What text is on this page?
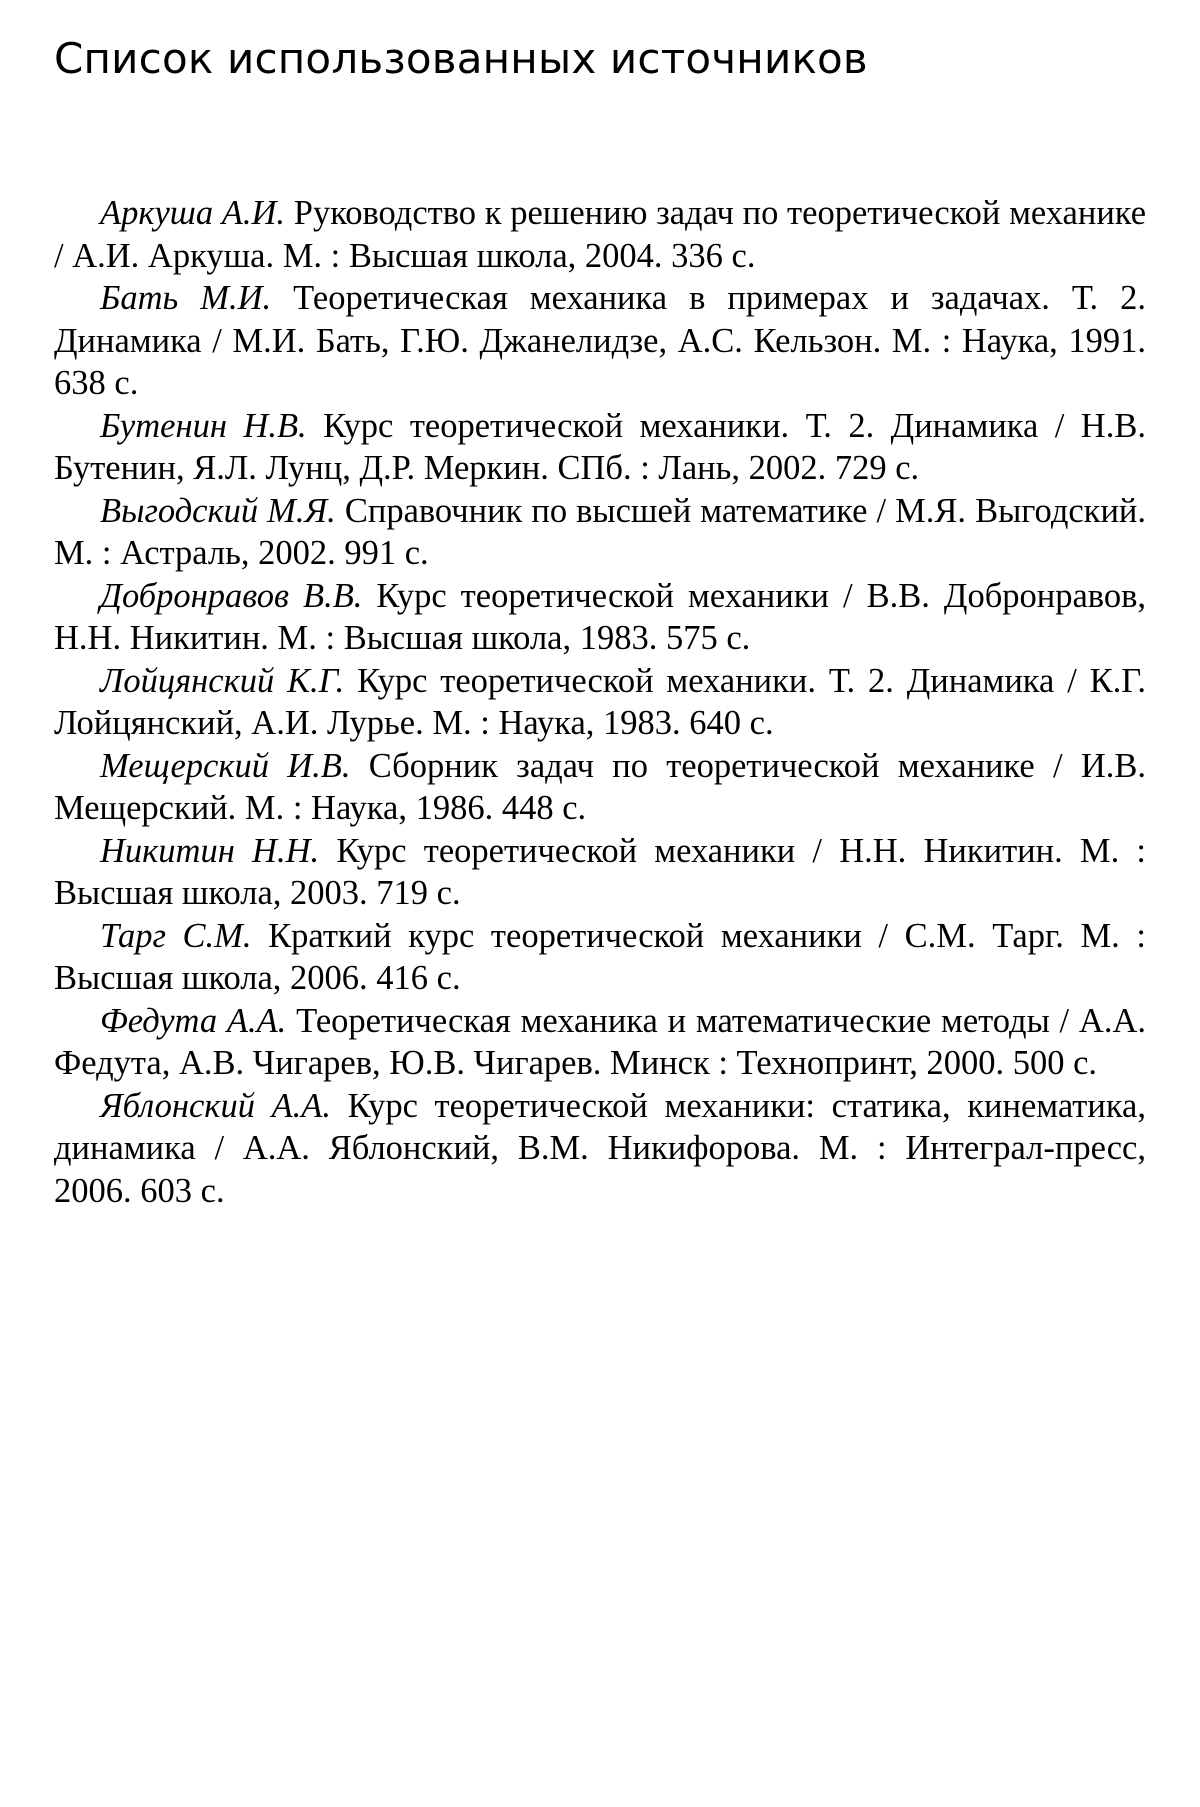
Список использованных источников
Аркуша А.И. Руководство к решению задач по теоретической механике / А.И. Аркуша. М. : Высшая школа, 2004. 336 с.
Бать М.И. Теоретическая механика в примерах и задачах. Т. 2. Динамика / М.И. Бать, Г.Ю. Джанелидзе, А.С. Кельзон. М. : Наука, 1991. 638 с.
Бутенин Н.В. Курс теоретической механики. Т. 2. Динамика / Н.В. Бутенин, Я.Л. Лунц, Д.Р. Меркин. СПб. : Лань, 2002. 729 с.
Выгодский М.Я. Справочник по высшей математике / М.Я. Выгодский. М. : Астраль, 2002. 991 с.
Добронравов В.В. Курс теоретической механики / В.В. Добронравов, Н.Н. Никитин. М. : Высшая школа, 1983. 575 с.
Лойцянский К.Г. Курс теоретической механики. Т. 2. Динамика / К.Г. Лойцянский, А.И. Лурье. М. : Наука, 1983. 640 с.
Мещерский И.В. Сборник задач по теоретической механике / И.В. Мещерский. М. : Наука, 1986. 448 с.
Никитин Н.Н. Курс теоретической механики / Н.Н. Никитин. М. : Высшая школа, 2003. 719 с.
Тарг С.М. Краткий курс теоретической механики / С.М. Тарг. М. : Высшая школа, 2006. 416 с.
Федута А.А. Теоретическая механика и математические методы / А.А. Федута, А.В. Чигарев, Ю.В. Чигарев. Минск : Технопринт, 2000. 500 с.
Яблонский А.А. Курс теоретической механики: статика, кинематика, динамика / А.А. Яблонский, В.М. Никифорова. М. : Интеграл-пресс, 2006. 603 с.
